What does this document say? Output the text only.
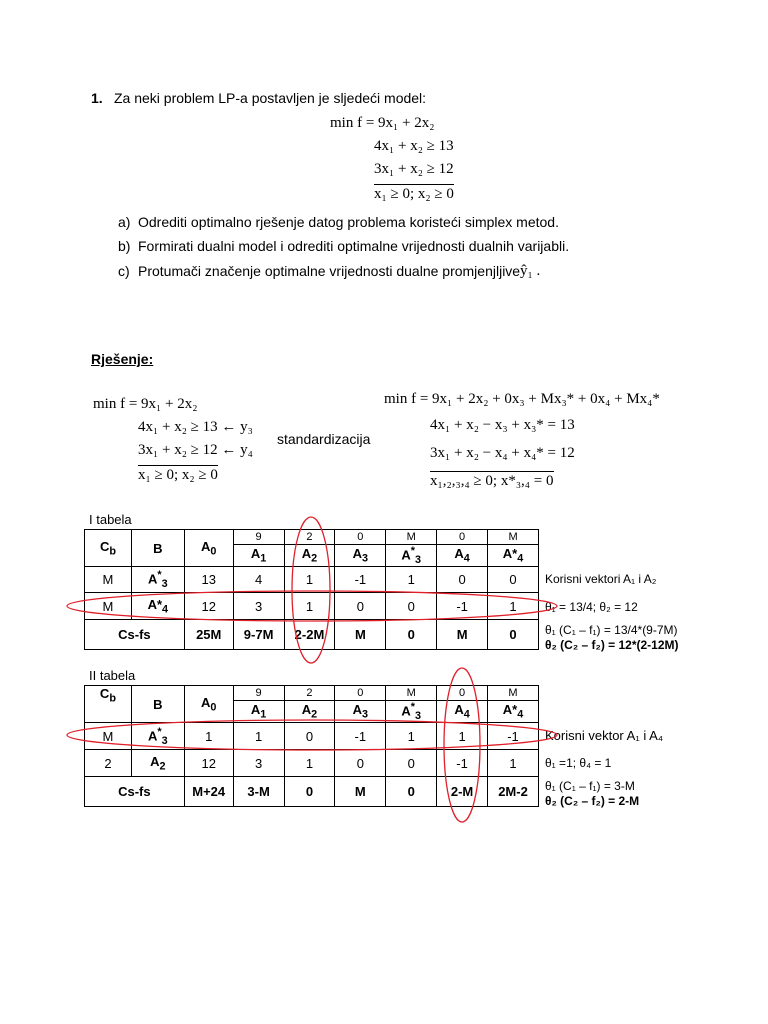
1. Za neki problem LP-a postavljen je sljedeći model:
min f = 9x₁ + 2x₂
4x₁ + x₂ ≥ 13
3x₁ + x₂ ≥ 12
x₁ ≥ 0; x₂ ≥ 0
a) Odrediti optimalno rješenje datog problema koristeći simplex metod.
b) Formirati dualni model i odrediti optimalne vrijednosti dualnih varijabli.
c) Protumači značenje optimalne vrijednosti dualne promjenjljive ŷ₁ .
Rješenje:
min f = 9x₁ + 2x₂
4x₁ + x₂ ≥ 13 ← y₃
3x₁ + x₂ ≥ 12 ← y₄
x₁ ≥ 0; x₂ ≥ 0
standardizacija
min f = 9x₁ + 2x₂ + 0x₃ + Mx₃* + 0x₄ + Mx₄*
4x₁ + x₂ − x₃ + x₃* = 13
3x₁ + x₂ − x₄ + x₄* = 12
x₁,₂,₃,₄ ≥ 0; x*₃,₄ = 0
I tabela
$C_b$	B	$A_0$	9	2	0	M	0	M
			$A_1$	$A_2$	$A_3$	$A^*_3$	$A_4$	$A*_4$
M	$A^*_3$	13	4	1	-1	1	0	0
M	$A*_4$	12	3	1	0	0	-1	1
Cs-fs		25M	9-7M	2-2M	M	0	M	0
Korisni vektori A₁ i A₂
θ₁ = 13/4; θ₂ = 12
θ₁ (C₁ – f₁) = 13/4*(9-7M)
θ₂ (C₂ – f₂) = 12*(2-12M)
II tabela
$C_b$	B	$A_0$	9	2	0	M	0	M
			$A_1$	$A_2$	$A_3$	$A^*_3$	$A_4$	$A*_4$
M	$A^*_3$	1	1	0	-1	1	1	-1
2	$A_2$	12	3	1	0	0	-1	1
Cs-fs		M+24	3-M	0	M	0	2-M	2M-2
Korisni vektor A₁ i A₄
θ₁ =1; θ₄ = 1
θ₁ (C₁ – f₁) = 3-M
θ₂ (C₂ – f₂) = 2-M
